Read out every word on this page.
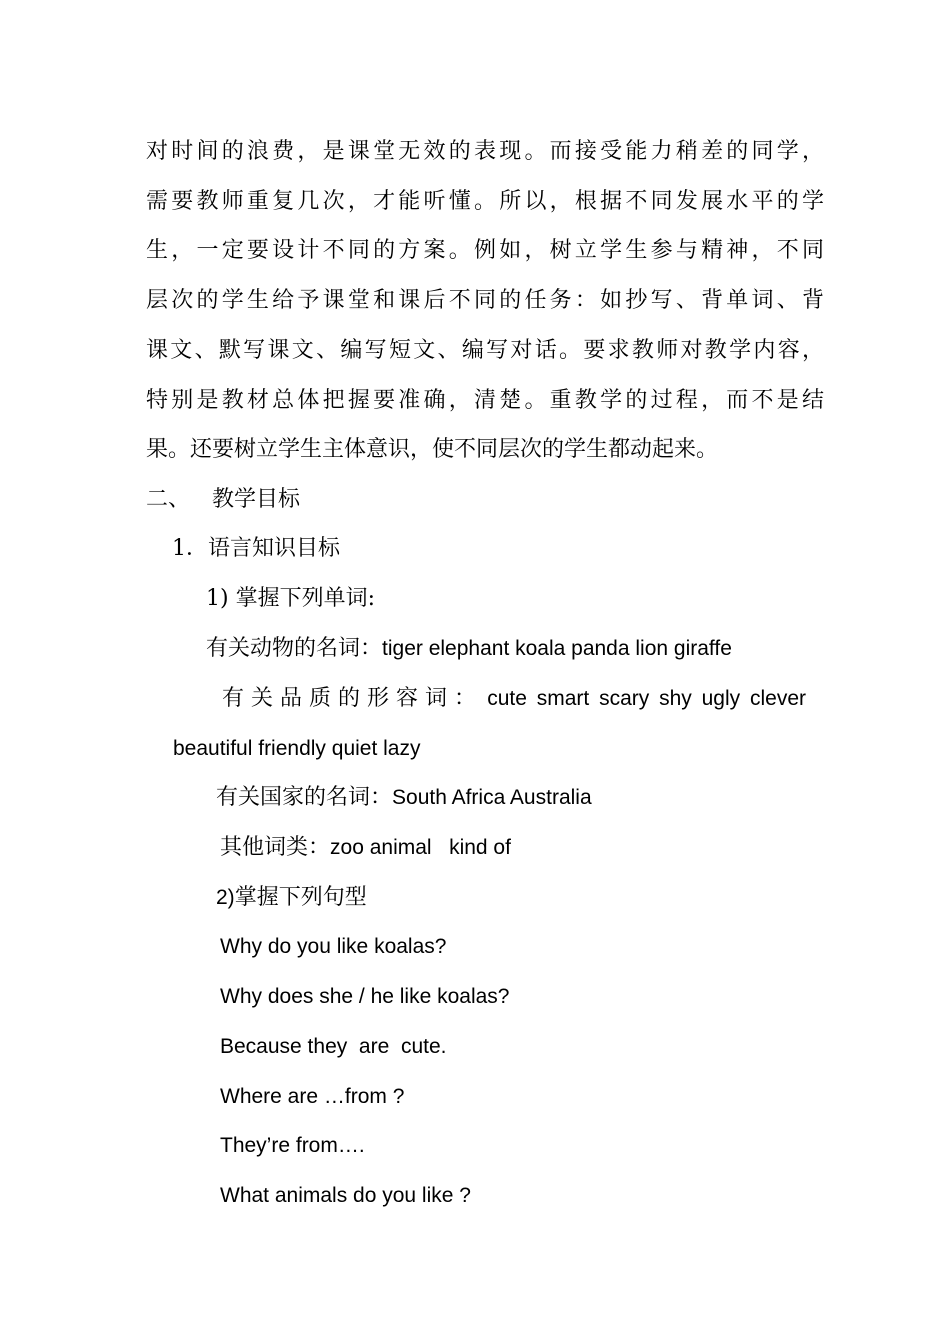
对时间的浪费，是课堂无效的表现。而接受能力稍差的同学，
需要教师重复几次，才能听懂。所以，根据不同发展水平的学
生，一定要设计不同的方案。例如，树立学生参与精神，不同
层次的学生给予课堂和课后不同的任务：如抄写、背单词、背
课文、默写课文、编写短文、编写对话。要求教师对教学内容，
特别是教材总体把握要准确，清楚。重教学的过程，而不是结
果。还要树立学生主体意识，使不同层次的学生都动起来。
二、 教学目标
1．语言知识目标
1) 掌握下列单词:
有关动物的名词：tiger elephant koala panda lion giraffe
有 关 品 质 的 形 容 词 ： cute smart scary shy ugly clever
beautiful friendly quiet lazy
有关国家的名词：South Africa Australia
其他词类：zoo animal   kind of
2)掌握下列句型
Why do you like koalas?
Why does she / he like koalas?
Because they  are  cute.
Where are …from ?
They’re from….
What animals do you like ?
